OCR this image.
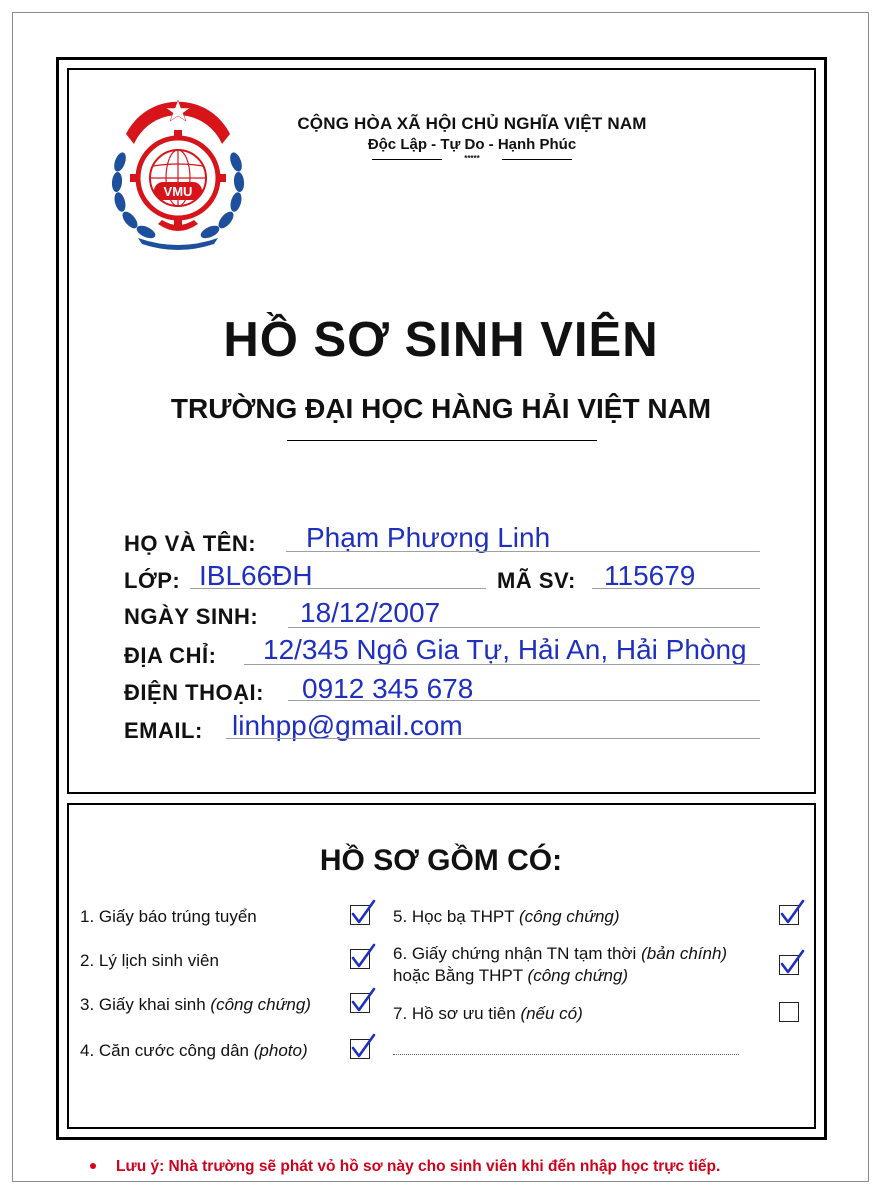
VMU
CỘNG HÒA XÃ HỘI CHỦ NGHĨA VIỆT NAM
Độc Lập - Tự Do - Hạnh Phúc
*****
HỒ SƠ SINH VIÊN
TRƯỜNG ĐẠI HỌC HÀNG HẢI VIỆT NAM
HỌ VÀ TÊN: Phạm Phương Linh
LỚP: IBL66ĐH	MÃ SV: 115679
NGÀY SINH: 18/12/2007
ĐỊA CHỈ: 12/345 Ngô Gia Tự, Hải An, Hải Phòng
ĐIỆN THOẠI: 0912 345 678
EMAIL: linhpp@gmail.com
HỒ SƠ GỒM CÓ:
1. Giấy báo trúng tuyển
2. Lý lịch sinh viên
3. Giấy khai sinh (công chứng)
4. Căn cước công dân (photo)
5. Học bạ THPT (công chứng)
6. Giấy chứng nhận TN tạm thời (bản chính)
hoặc Bằng THPT (công chứng)
7. Hồ sơ ưu tiên (nếu có)
Lưu ý: Nhà trường sẽ phát vỏ hồ sơ này cho sinh viên khi đến nhập học trực tiếp.
